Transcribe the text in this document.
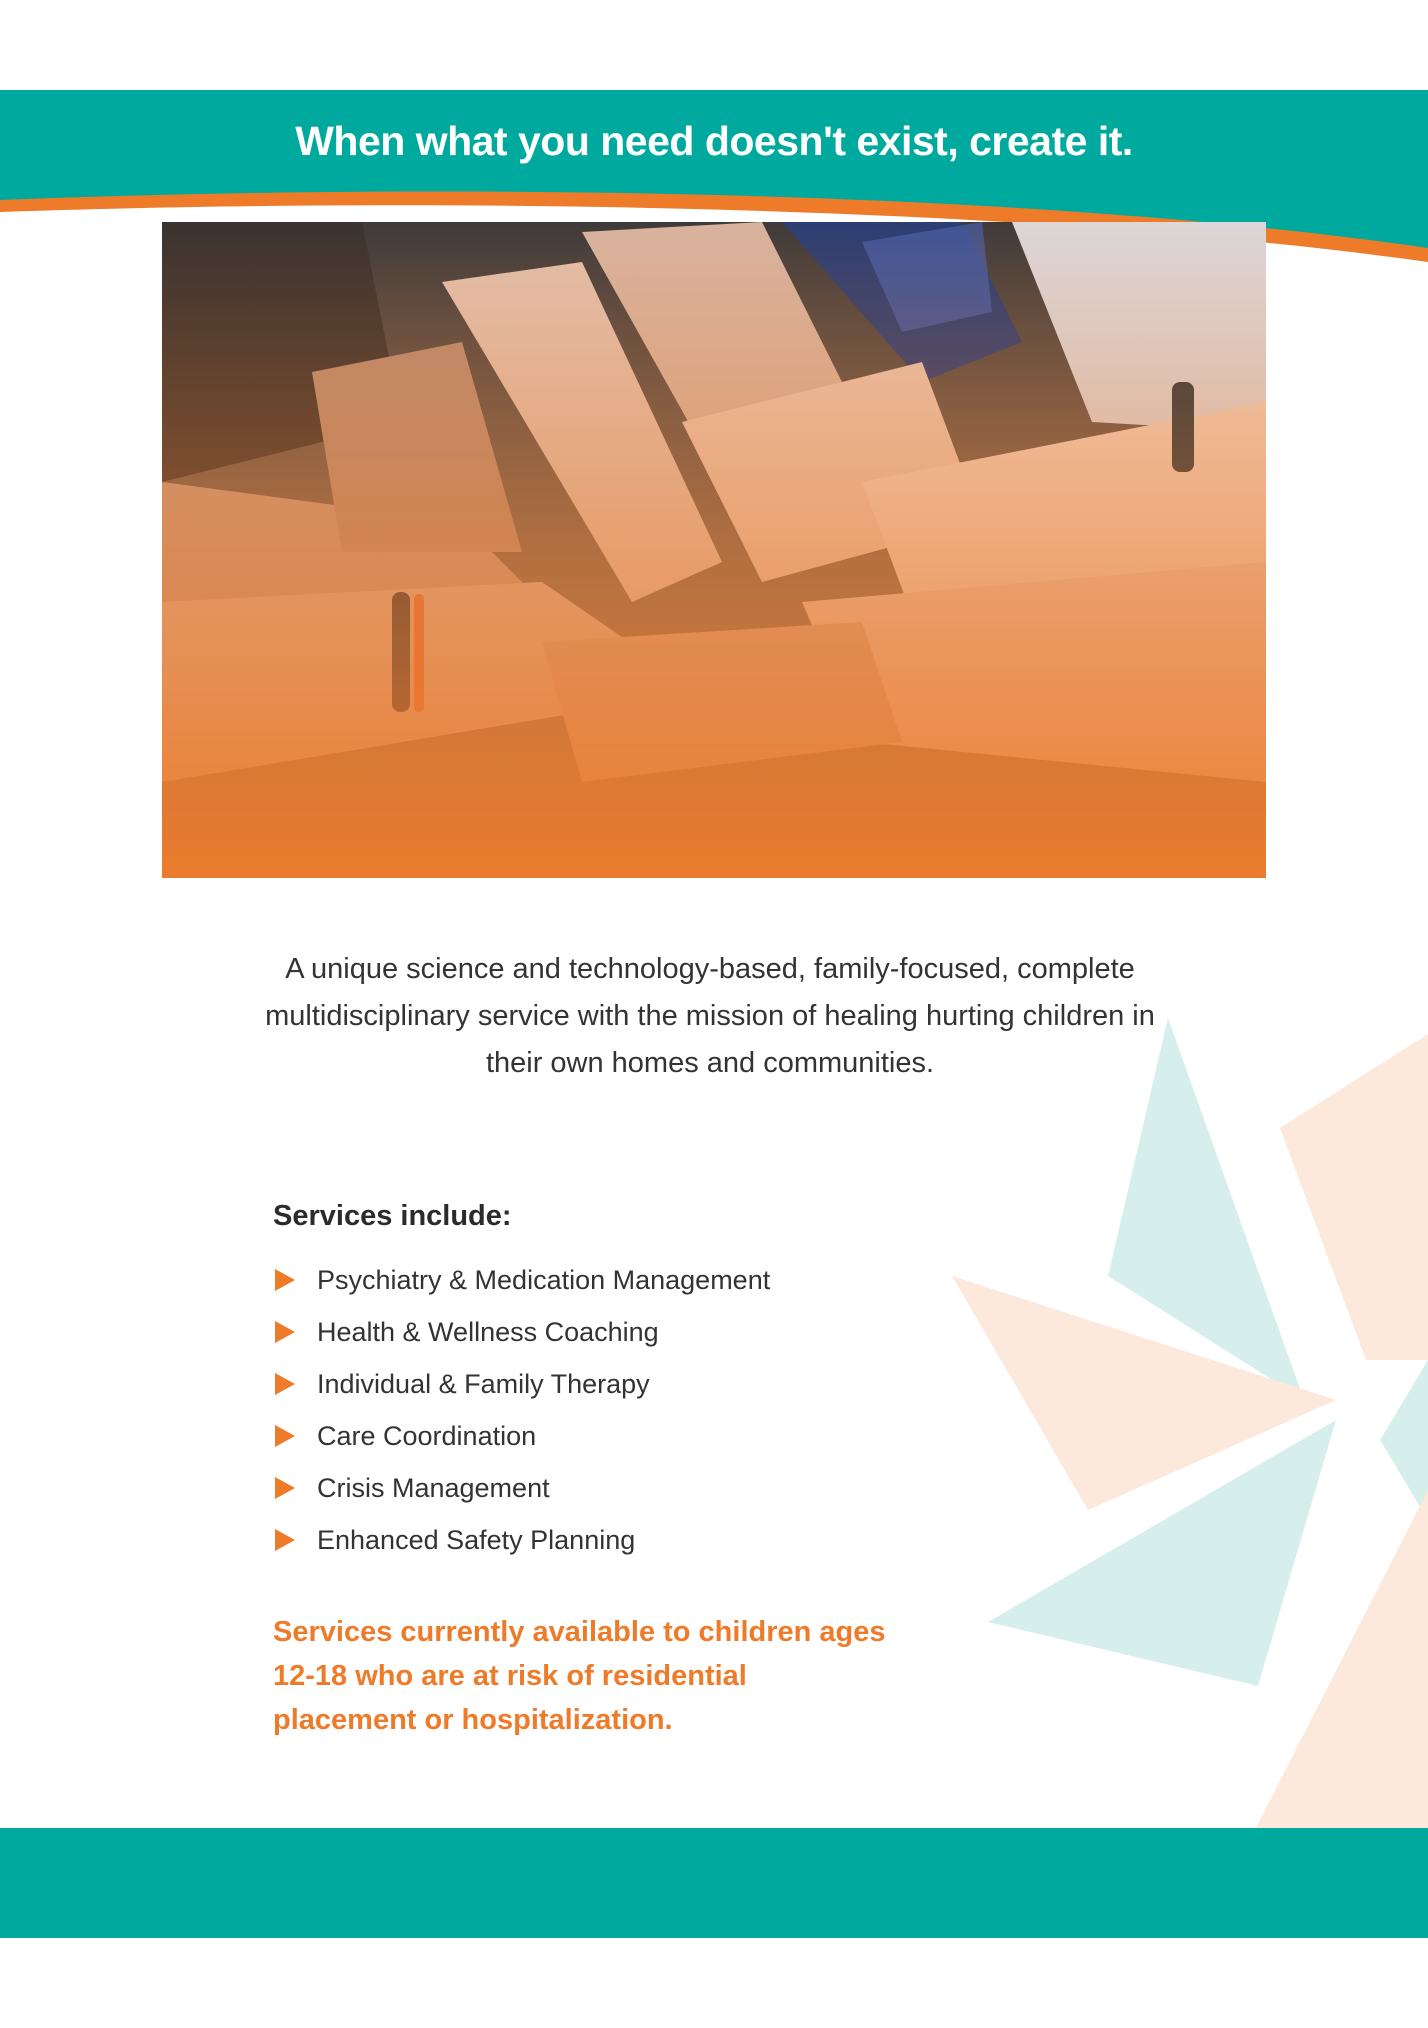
When what you need doesn't exist, create it.
A unique science and technology-based, family-focused, complete multidisciplinary service with the mission of healing hurting children in their own homes and communities.
Services include:
Psychiatry & Medication Management
Health & Wellness Coaching
Individual & Family Therapy
Care Coordination
Crisis Management
Enhanced Safety Planning
Services currently available to children ages 12-18 who are at risk of residential placement or hospitalization.
